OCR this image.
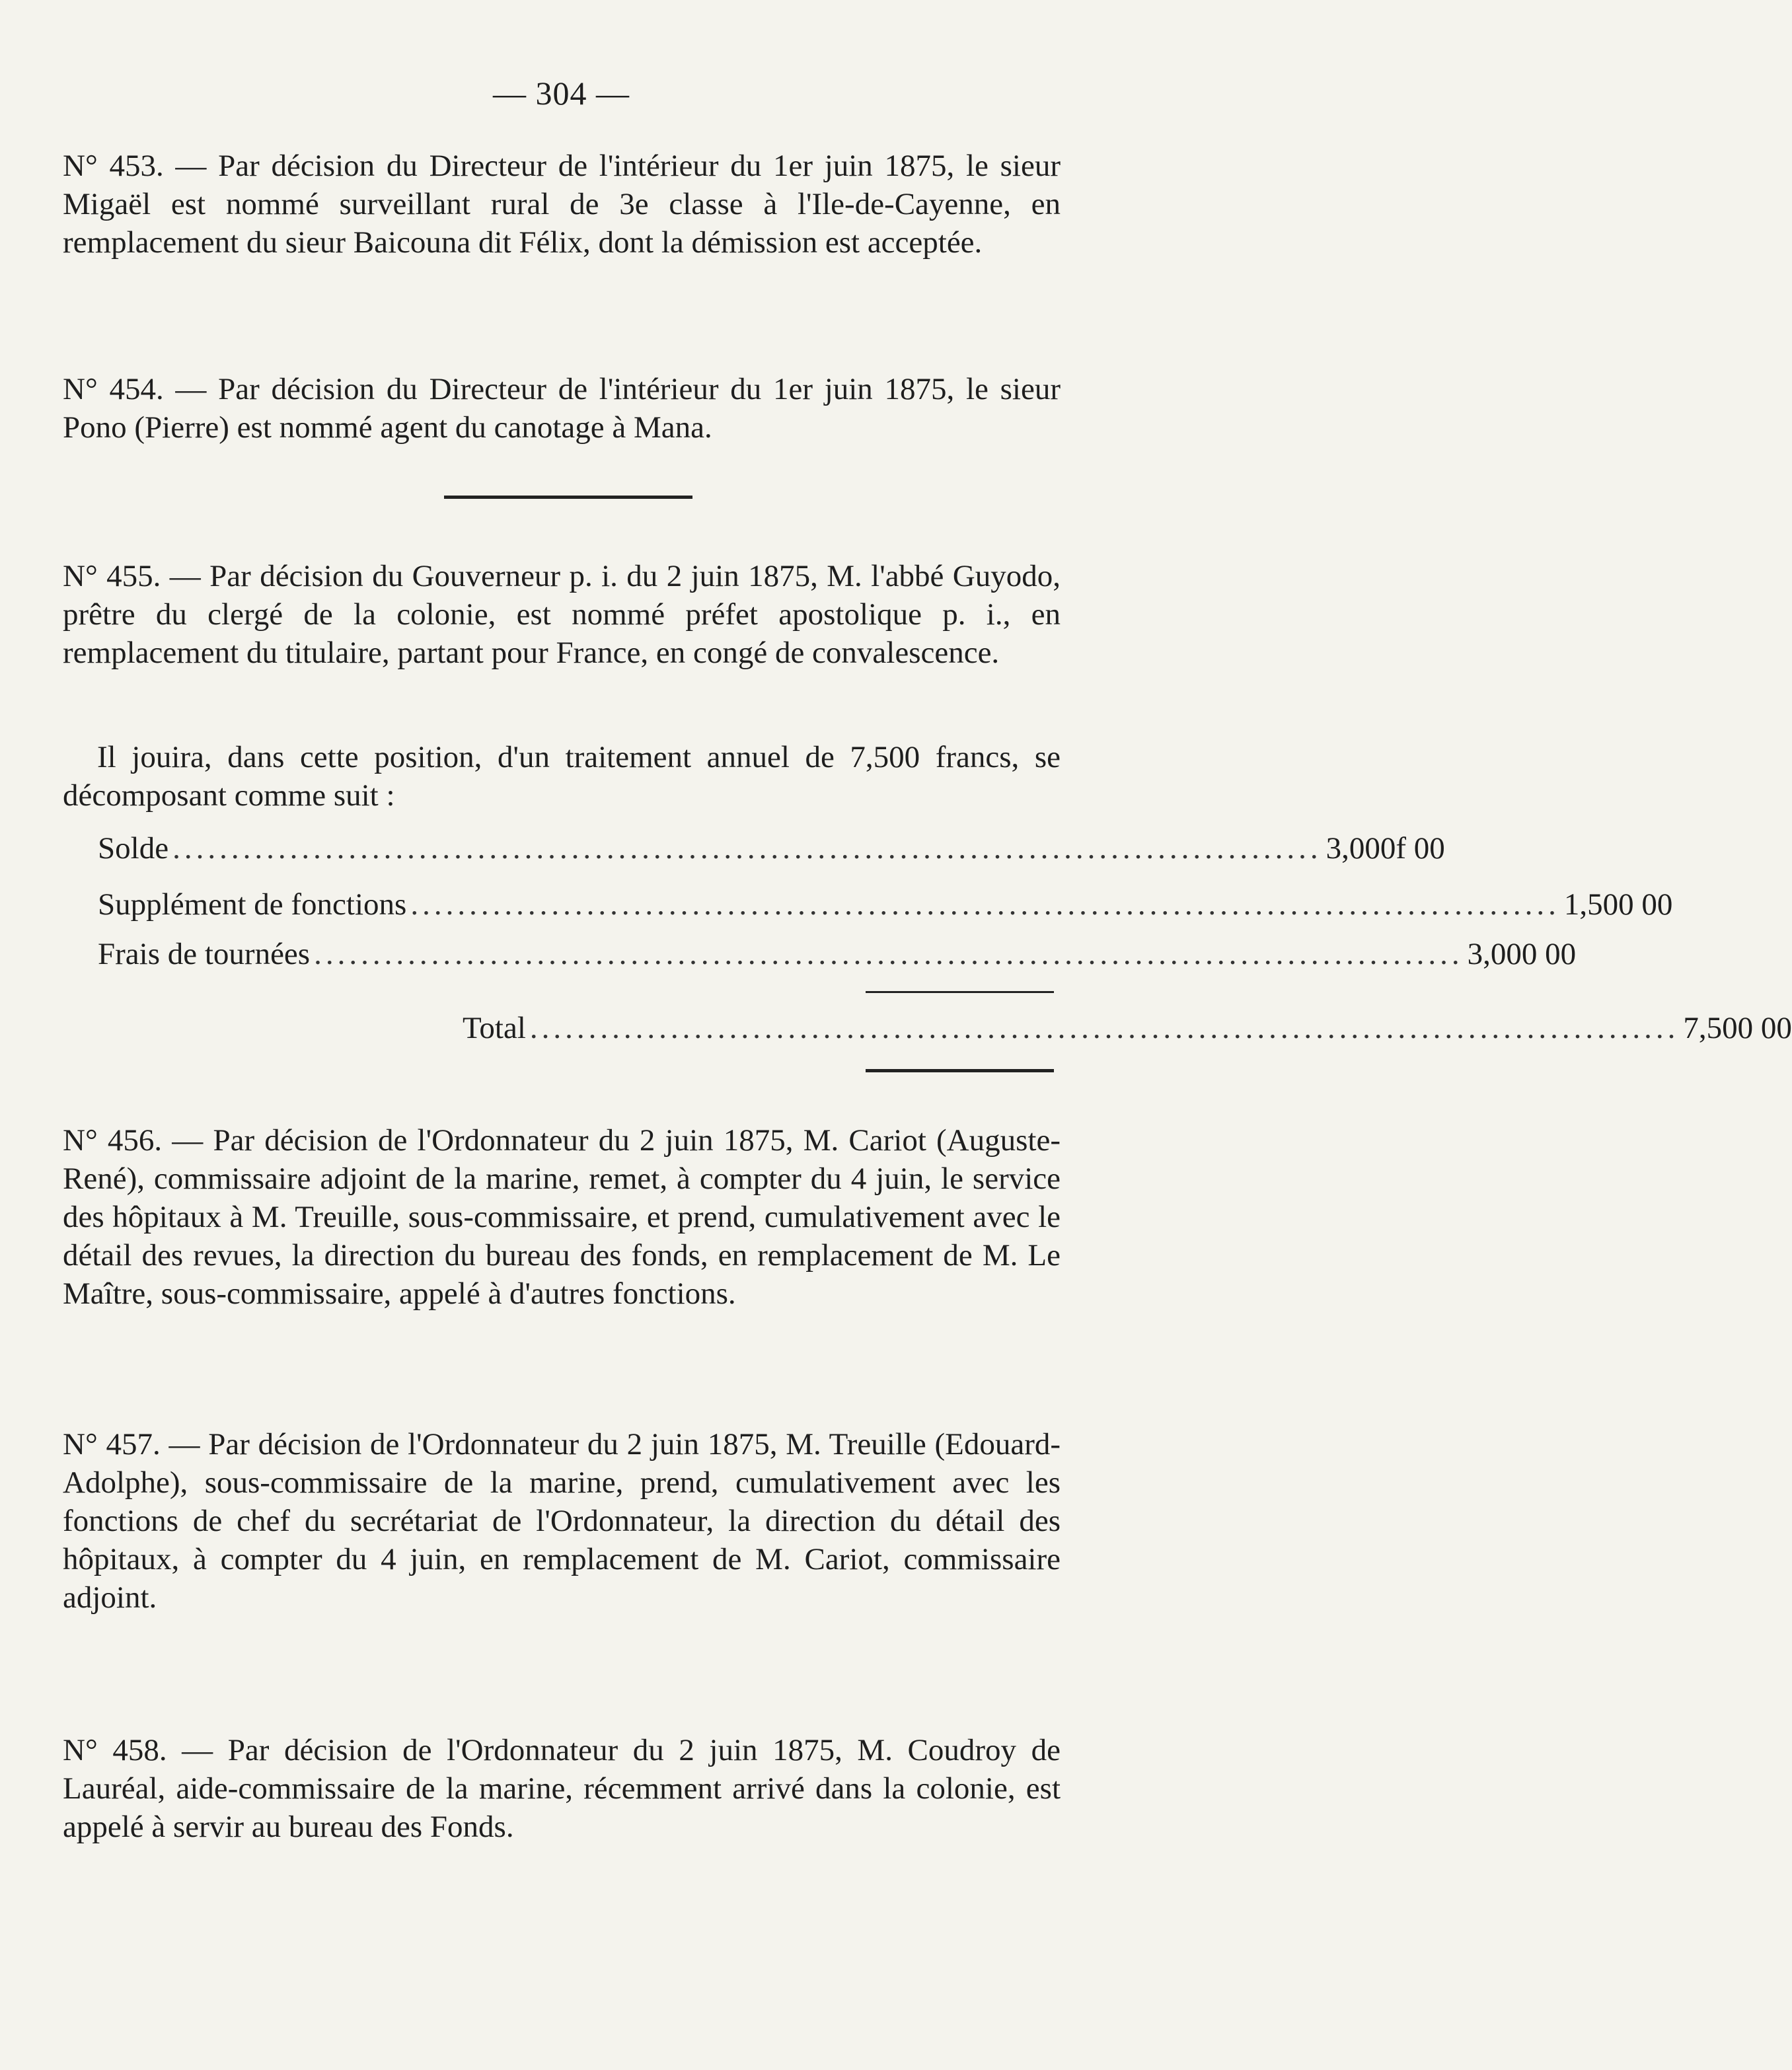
— 304 —
N° 453. — Par décision du Directeur de l'intérieur du 1er juin 1875, le sieur Migaël est nommé surveillant rural de 3e classe à l'Ile-de-Cayenne, en remplacement du sieur Baicouna dit Félix, dont la démission est acceptée.
N° 454. — Par décision du Directeur de l'intérieur du 1er juin 1875, le sieur Pono (Pierre) est nommé agent du canotage à Mana.
N° 455. — Par décision du Gouverneur p. i. du 2 juin 1875, M. l'abbé Guyodo, prêtre du clergé de la colonie, est nommé préfet apostolique p. i., en remplacement du titulaire, partant pour France, en congé de convalescence.
Il jouira, dans cette position, d'un traitement annuel de 7,500 francs, se décomposant comme suit :
Solde .................................................................................................. 3,000f 00
Supplément de fonctions .................................................................................................. 1,500 00
Frais de tournées .................................................................................................. 3,000 00
Total .................................................................................................. 7,500 00
N° 456. — Par décision de l'Ordonnateur du 2 juin 1875, M. Cariot (Auguste-René), commissaire adjoint de la marine, remet, à compter du 4 juin, le service des hôpitaux à M. Treuille, sous-commissaire, et prend, cumulativement avec le détail des revues, la direction du bureau des fonds, en remplacement de M. Le Maître, sous-commissaire, appelé à d'autres fonctions.
N° 457. — Par décision de l'Ordonnateur du 2 juin 1875, M. Treuille (Edouard-Adolphe), sous-commissaire de la marine, prend, cumulativement avec les fonctions de chef du secrétariat de l'Ordonnateur, la direction du détail des hôpitaux, à compter du 4 juin, en remplacement de M. Cariot, commissaire adjoint.
N° 458. — Par décision de l'Ordonnateur du 2 juin 1875, M. Coudroy de Lauréal, aide-commissaire de la marine, récemment arrivé dans la colonie, est appelé à servir au bureau des Fonds.
